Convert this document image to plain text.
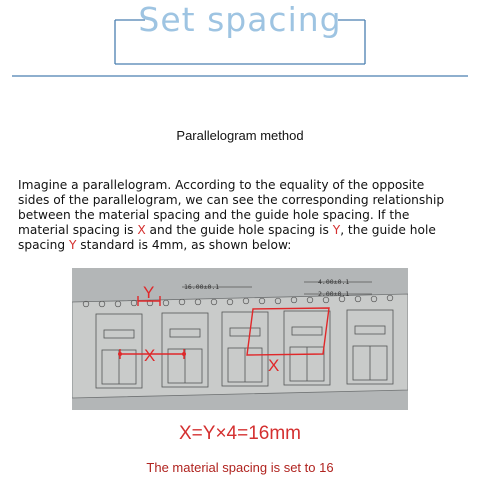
Set spacing
Parallelogram method

Imagine a parallelogram. According to the equality of the opposite
sides of the parallelogram, we can see the corresponding relationship
between the material spacing and the guide hole spacing. If the
material spacing is X and the guide hole spacing is Y, the guide hole
spacing Y standard is 4mm, as shown below:

16.00±0.1
4.00±0.1
2.00±0.1
Y
X
X
X=Y×4=16mm
The material spacing is set to 16
